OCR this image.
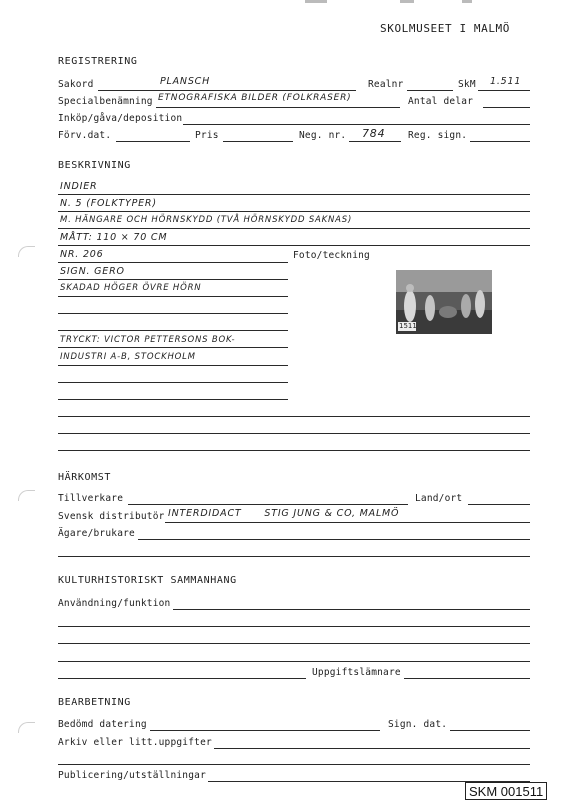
SKOLMUSEET I MALMÖ
REGISTRERING
Sakord	PLANSCH	Realnr	SkM 1.511
Specialbenämning ETNOGRAFISKA BILDER (FOLKRASER)	Antal delar
Inköp/gåva/deposition
Förv.dat.	Pris	Neg. nr. 784 Reg. sign.
BESKRIVNING
INDIER
N. 5 (FOLKTYPER)
M. HÄNGARE OCH HÖRNSKYDD (TVÅ HÖRNSKYDD SAKNAS)
MÅTT: 110 × 70 CM
NR. 206	Foto/teckning
SIGN. GERO
SKADAD HÖGER ÖVRE HÖRN
TRYCKT: VICTOR PETTERSONS BOK-
INDUSTRI A-B, STOCKHOLM
1511
HÄRKOMST
Tillverkare	Land/ort
Svensk distributör INTERDIDACT      STIG JUNG & CO, MALMÖ
Ägare/brukare
KULTURHISTORISKT SAMMANHANG
Användning/funktion
Uppgiftslämnare
BEARBETNING
Bedömd datering	Sign. dat.
Arkiv eller litt.uppgifter
Publicering/utställningar
SKM 001511
